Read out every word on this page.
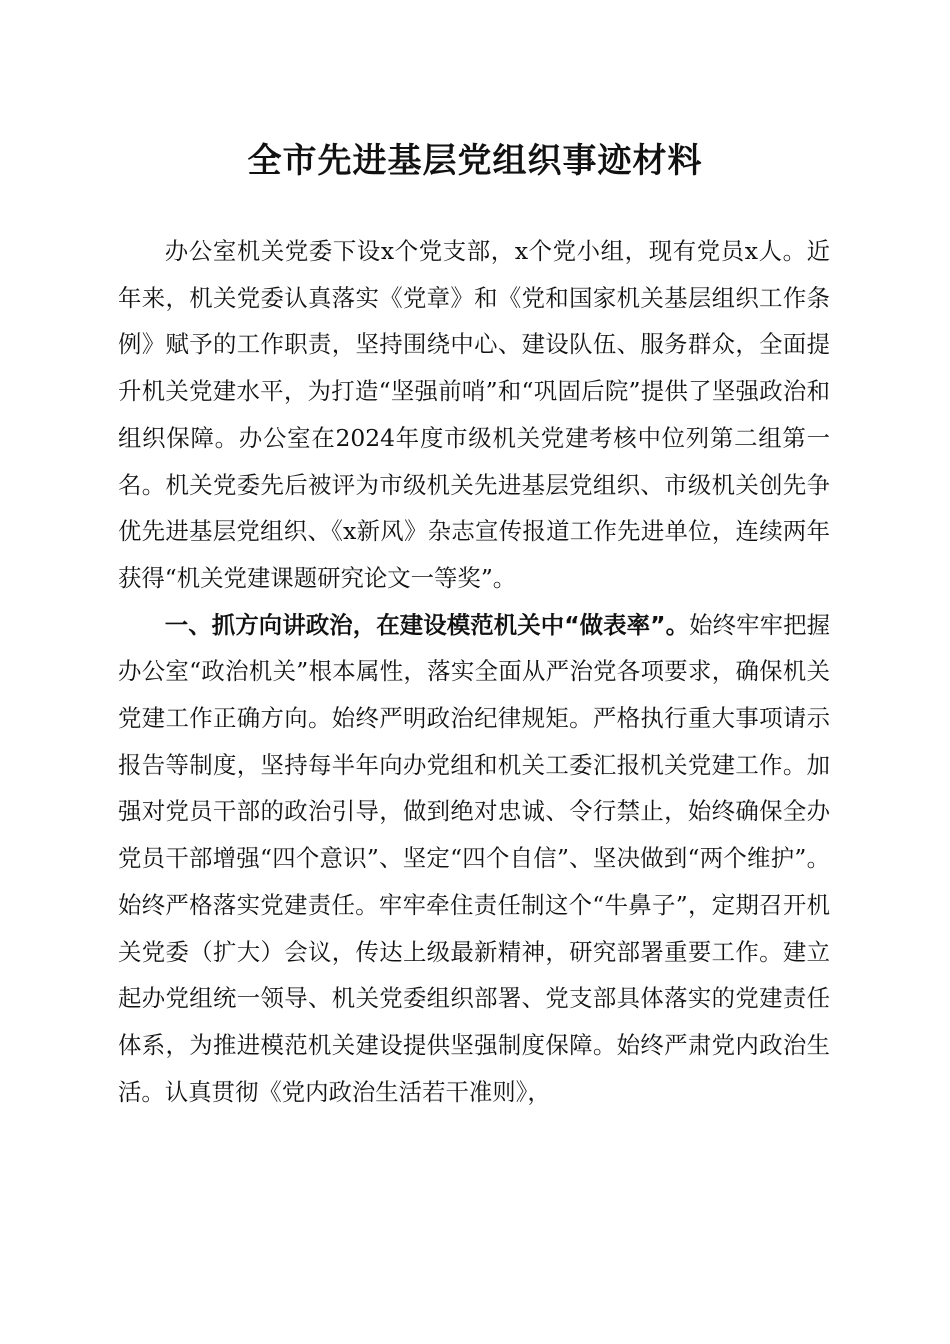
全市先进基层党组织事迹材料

办公室机关党委下设x个党支部，x个党小组，现有党员x人。近年来，机关党委认真落实《党章》和《党和国家机关基层组织工作条例》赋予的工作职责，坚持围绕中心、建设队伍、服务群众，全面提升机关党建水平，为打造“坚强前哨”和“巩固后院”提供了坚强政治和组织保障。办公室在2024年度市级机关党建考核中位列第二组第一名。机关党委先后被评为市级机关先进基层党组织、市级机关创先争优先进基层党组织、《x新风》杂志宣传报道工作先进单位，连续两年获得“机关党建课题研究论文一等奖”。

一、抓方向讲政治，在建设模范机关中“做表率”。始终牢牢把握办公室“政治机关”根本属性，落实全面从严治党各项要求，确保机关党建工作正确方向。始终严明政治纪律规矩。严格执行重大事项请示报告等制度，坚持每半年向办党组和机关工委汇报机关党建工作。加强对党员干部的政治引导，做到绝对忠诚、令行禁止，始终确保全办党员干部增强“四个意识”、坚定“四个自信”、坚决做到“两个维护”。始终严格落实党建责任。牢牢牵住责任制这个“牛鼻子”，定期召开机关党委（扩大）会议，传达上级最新精神，研究部署重要工作。建立起办党组统一领导、机关党委组织部署、党支部具体落实的党建责任体系，为推进模范机关建设提供坚强制度保障。始终严肃党内政治生活。认真贯彻《党内政治生活若干准则》，
